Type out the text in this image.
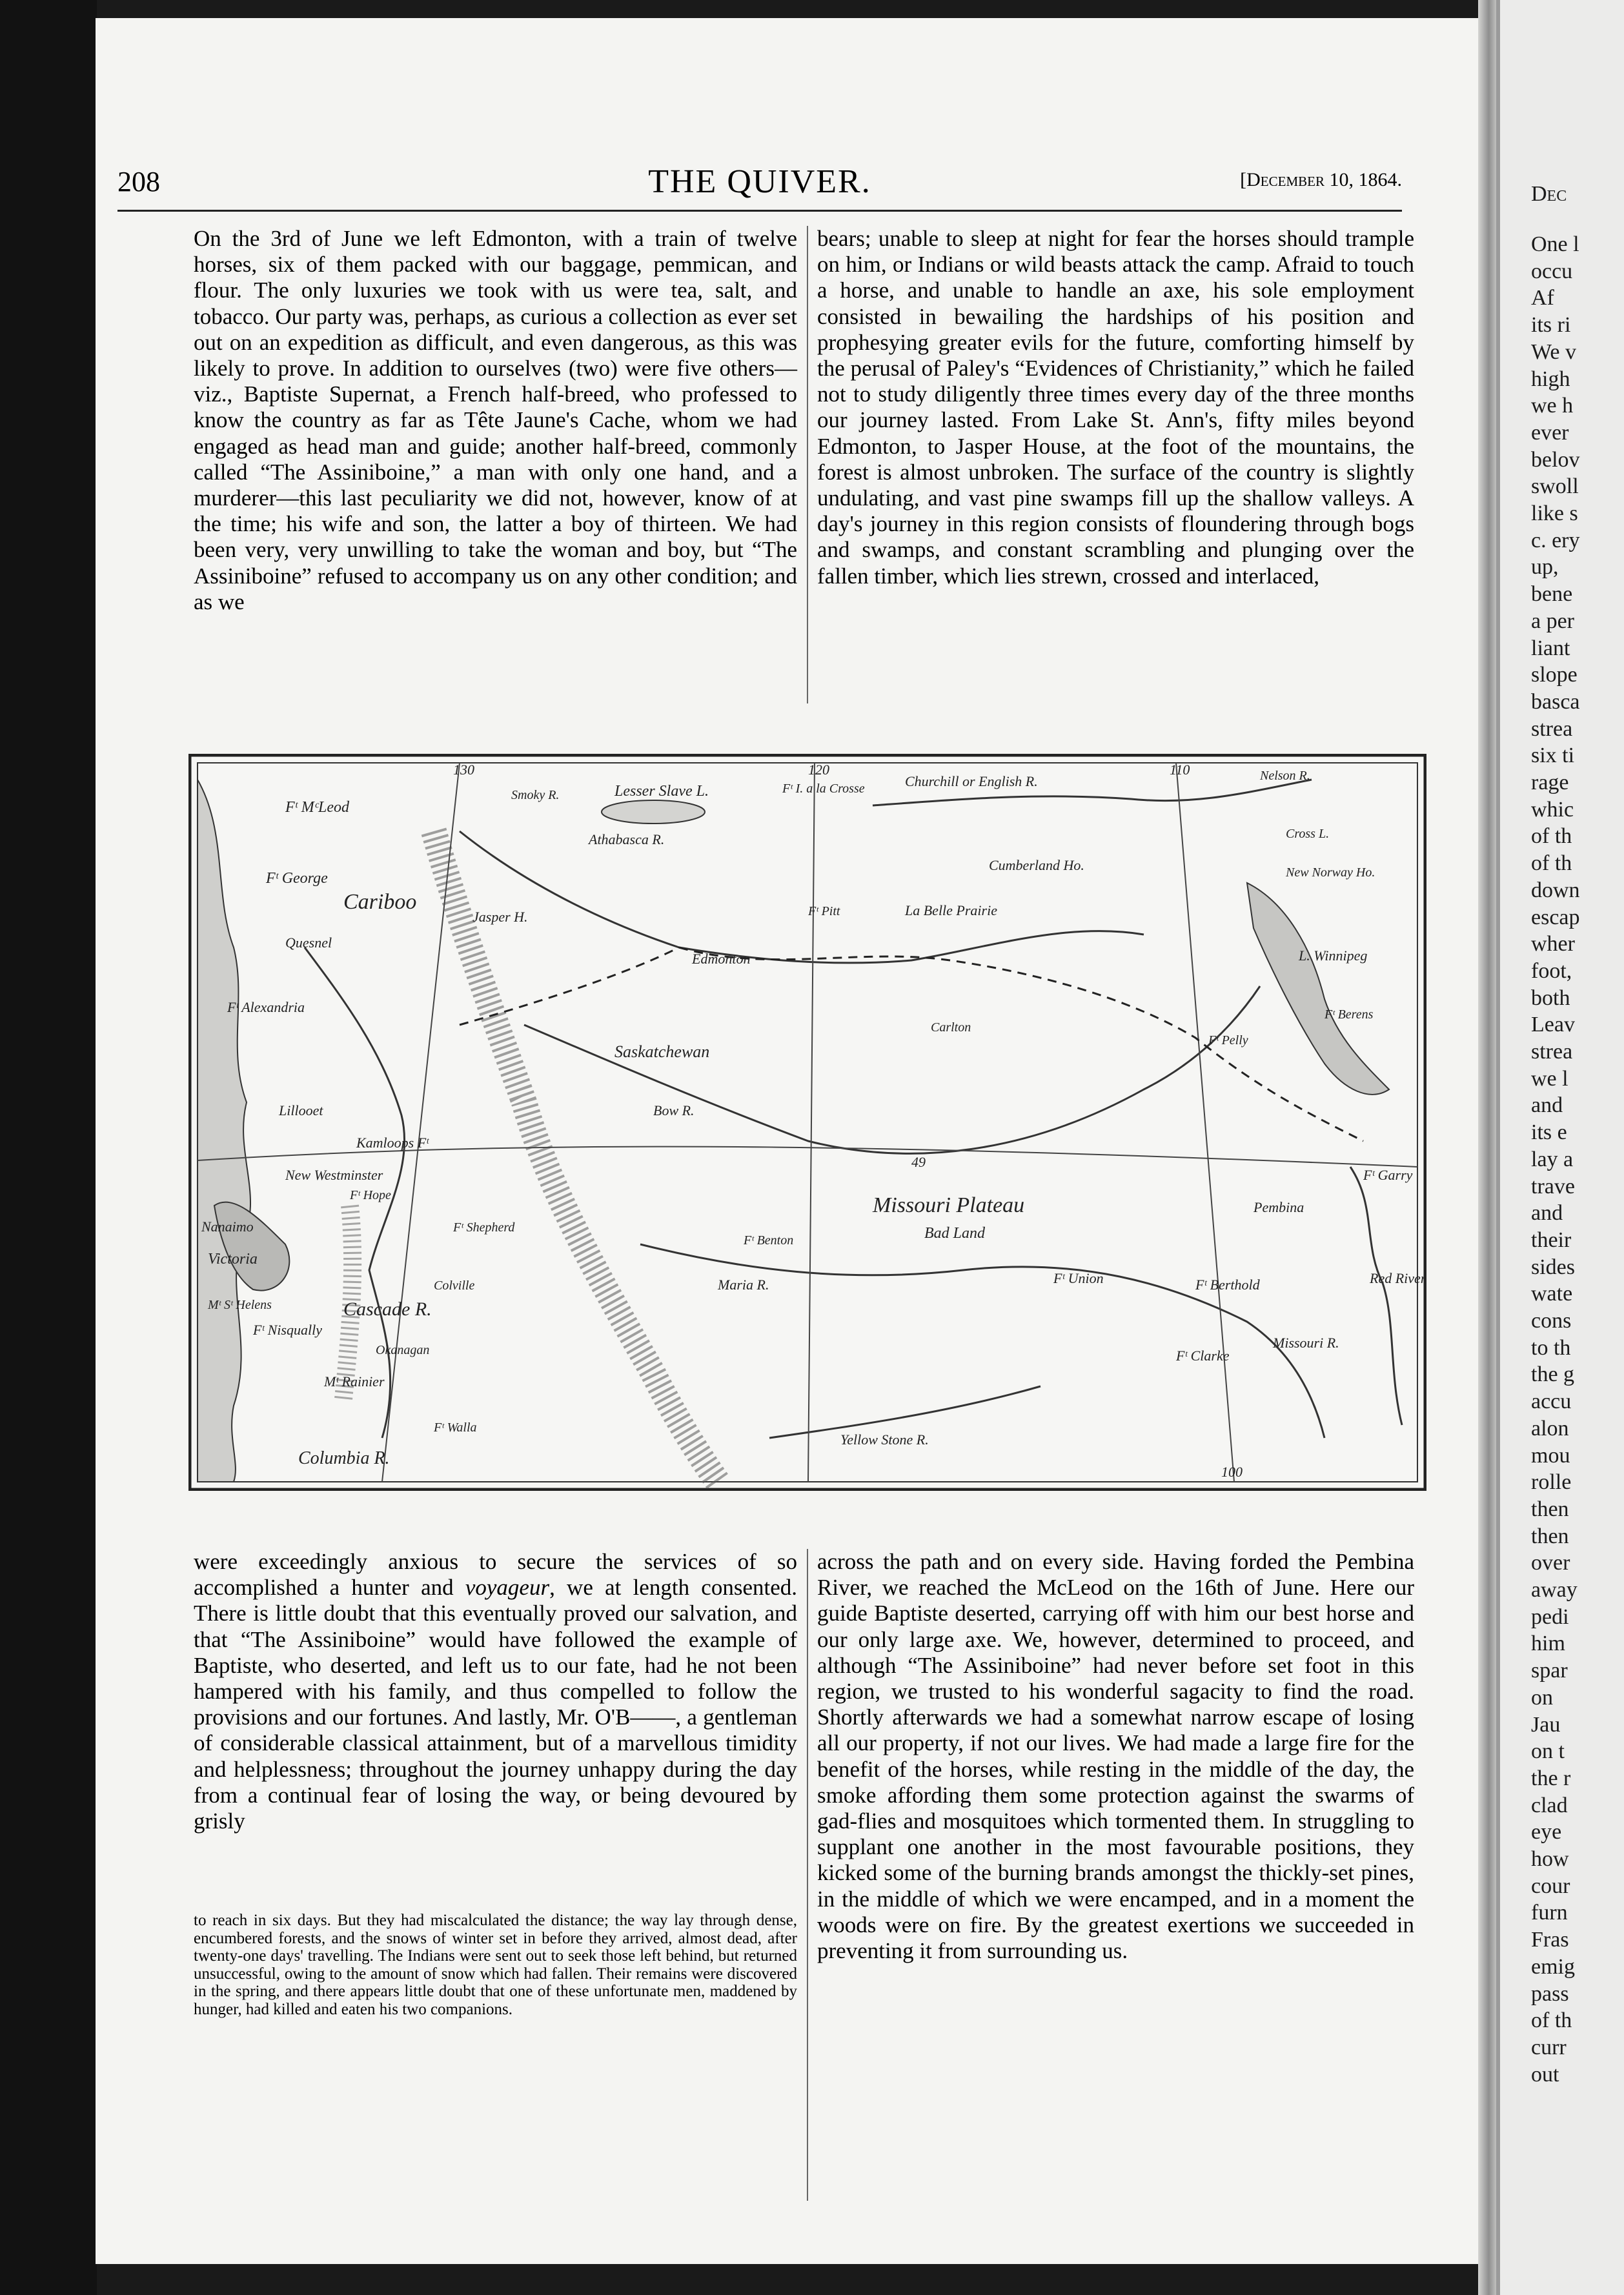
Dec
One l
occu
Af
its ri
We v
high
we h
ever
belov
swoll
like s
c. ery
up,
bene
a per
liant
slope
basca
strea
six ti
rage
whic
of th
of th
down
escap
wher
foot,
both
Leav
strea
we l
and
its e
lay a
trave
and
their
sides
wate
cons
to th
the g
accu
alon
mou
rolle
then
then
over
away
pedi
him
spar
on
Jau
on t
the r
clad
eye
how
cour
furn
Fras
emig
pass
of th
curr
out
208	THE QUIVER.	[December 10, 1864.

On the 3rd of June we left Edmonton, with a train of twelve horses, six of them packed with our baggage, pemmican, and flour. The only luxuries we took with us were tea, salt, and tobacco. Our party was, perhaps, as curious a collection as ever set out on an expedition as difficult, and even dangerous, as this was likely to prove. In addition to ourselves (two) were five others—viz., Baptiste Supernat, a French half-breed, who professed to know the country as far as Tête Jaune's Cache, whom we had engaged as head man and guide; another half-breed, commonly called “The Assiniboine,” a man with only one hand, and a murderer—this last peculiarity we did not, however, know of at the time; his wife and son, the latter a boy of thirteen. We had been very, very unwilling to take the woman and boy, but “The Assiniboine” refused to accompany us on any other condition; and as we

bears; unable to sleep at night for fear the horses should trample on him, or Indians or wild beasts attack the camp. Afraid to touch a horse, and unable to handle an axe, his sole employment consisted in bewailing the hardships of his position and prophesying greater evils for the future, comforting himself by the perusal of Paley's “Evidences of Christianity,” which he failed not to study diligently three times every day of the three months our journey lasted. From Lake St. Ann's, fifty miles beyond Edmonton, to Jasper House, at the foot of the mountains, the forest is almost unbroken. The surface of the country is slightly undulating, and vast pine swamps fill up the shallow valleys. A day's journey in this region consists of floundering through bogs and swamps, and constant scrambling and plunging over the fallen timber, which lies strewn, crossed and interlaced,

Fᵗ MᶜLeod
Fᵗ George
Cariboo
Quesnel
Fᵗ Alexandria
Lillooet
Kamloops Fᵗ
New Westminster
Fᵗ Hope
Nanaimo
Victoria
Fᵗ Nisqually
Mᵗ Rainier
Cascade R.
Columbia R.
Fᵗ Walla
Colville
Okanagan
Fᵗ Shepherd
Jasper H.
Smoky R.
Athabasca R.
Lesser Slave L.	Fᵗ I. a la Crosse	Churchill or English R.	Nelson R.
Cross L.
New Norway Ho.
Cumberland Ho.
Fᵗ Pitt	La Belle Prairie
Edmonton
Carlton
Fᵗ Berens
Fᵗ Pelly
Fᵗ Garry
Pembina
Red River
Missouri Plateau
Bad Land
Fᵗ Union	Fᵗ Berthold
Fᵗ Clarke
Yellow Stone R.
Saskatchewan
Bow R.
Maria R.
Fᵗ Benton
Missouri R.
L. Winnipeg
Mᵗ Sᵗ Helens
130	120	110
100
49

were exceedingly anxious to secure the services of so accomplished a hunter and voyageur, we at length consented. There is little doubt that this eventually proved our salvation, and that “The Assiniboine” would have followed the example of Baptiste, who deserted, and left us to our fate, had he not been hampered with his family, and thus compelled to follow the provisions and our fortunes. And lastly, Mr. O'B——, a gentleman of considerable classical attainment, but of a marvellous timidity and helplessness; throughout the journey unhappy during the day from a continual fear of losing the way, or being devoured by grisly

to reach in six days. But they had miscalculated the distance; the way lay through dense, encumbered forests, and the snows of winter set in before they arrived, almost dead, after twenty-one days' travelling. The Indians were sent out to seek those left behind, but returned unsuccessful, owing to the amount of snow which had fallen. Their remains were discovered in the spring, and there appears little doubt that one of these unfortunate men, maddened by hunger, had killed and eaten his two companions.

across the path and on every side. Having forded the Pembina River, we reached the McLeod on the 16th of June. Here our guide Baptiste deserted, carrying off with him our best horse and our only large axe. We, however, determined to proceed, and although “The Assiniboine” had never before set foot in this region, we trusted to his wonderful sagacity to find the road. Shortly afterwards we had a somewhat narrow escape of losing all our property, if not our lives. We had made a large fire for the benefit of the horses, while resting in the middle of the day, the smoke affording them some protection against the swarms of gad-flies and mosquitoes which tormented them. In struggling to supplant one another in the most favourable positions, they kicked some of the burning brands amongst the thickly-set pines, in the middle of which we were encamped, and in a moment the woods were on fire. By the greatest exertions we succeeded in preventing it from surrounding us.
